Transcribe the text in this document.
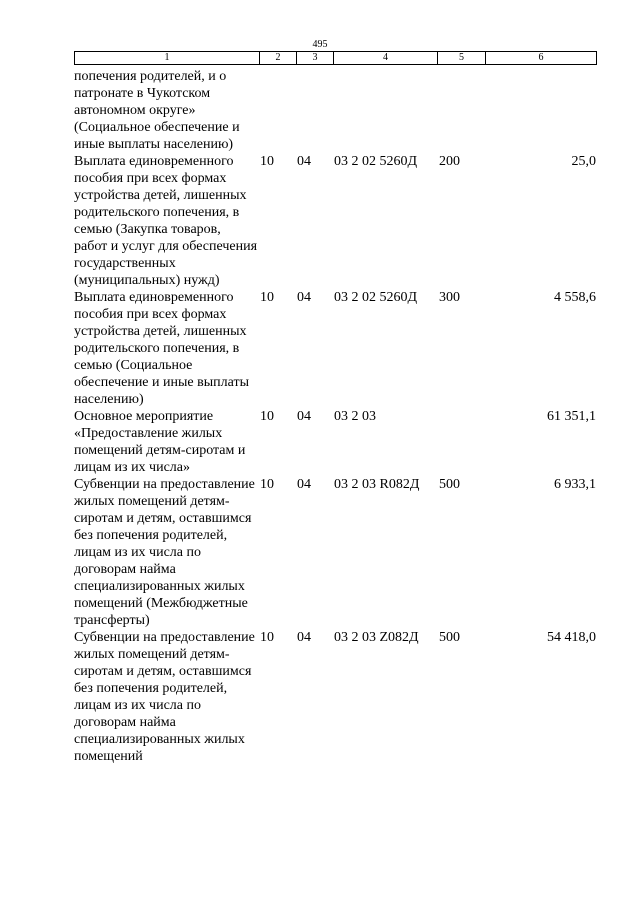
495
1	2	3	4	5	6
попечения родителей, и о патронате в Чукотском автономном округе» (Социальное обеспечение и иные выплаты населению)					
Выплата единовременного пособия при всех формах устройства детей, лишенных родительского попечения, в семью (Закупка товаров, работ и услуг для обеспечения государственных (муниципальных) нужд)	10	04	03 2 02 5260Д	200	25,0
Выплата единовременного пособия при всех формах устройства детей, лишенных родительского попечения, в семью (Социальное обеспечение и иные выплаты населению)	10	04	03 2 02 5260Д	300	4 558,6
Основное мероприятие «Предоставление жилых помещений детям-сиротам и лицам из их числа»	10	04	03 2 03		61 351,1
Субвенции на предоставление жилых помещений детям-сиротам и детям, оставшимся без попечения родителей, лицам из их числа по договорам найма специализированных жилых помещений (Межбюджетные трансферты)	10	04	03 2 03 R082Д	500	6 933,1
Субвенции на предоставление жилых помещений детям-сиротам и детям, оставшимся без попечения родителей, лицам из их числа по договорам найма специализированных жилых помещений	10	04	03 2 03 Z082Д	500	54 418,0
